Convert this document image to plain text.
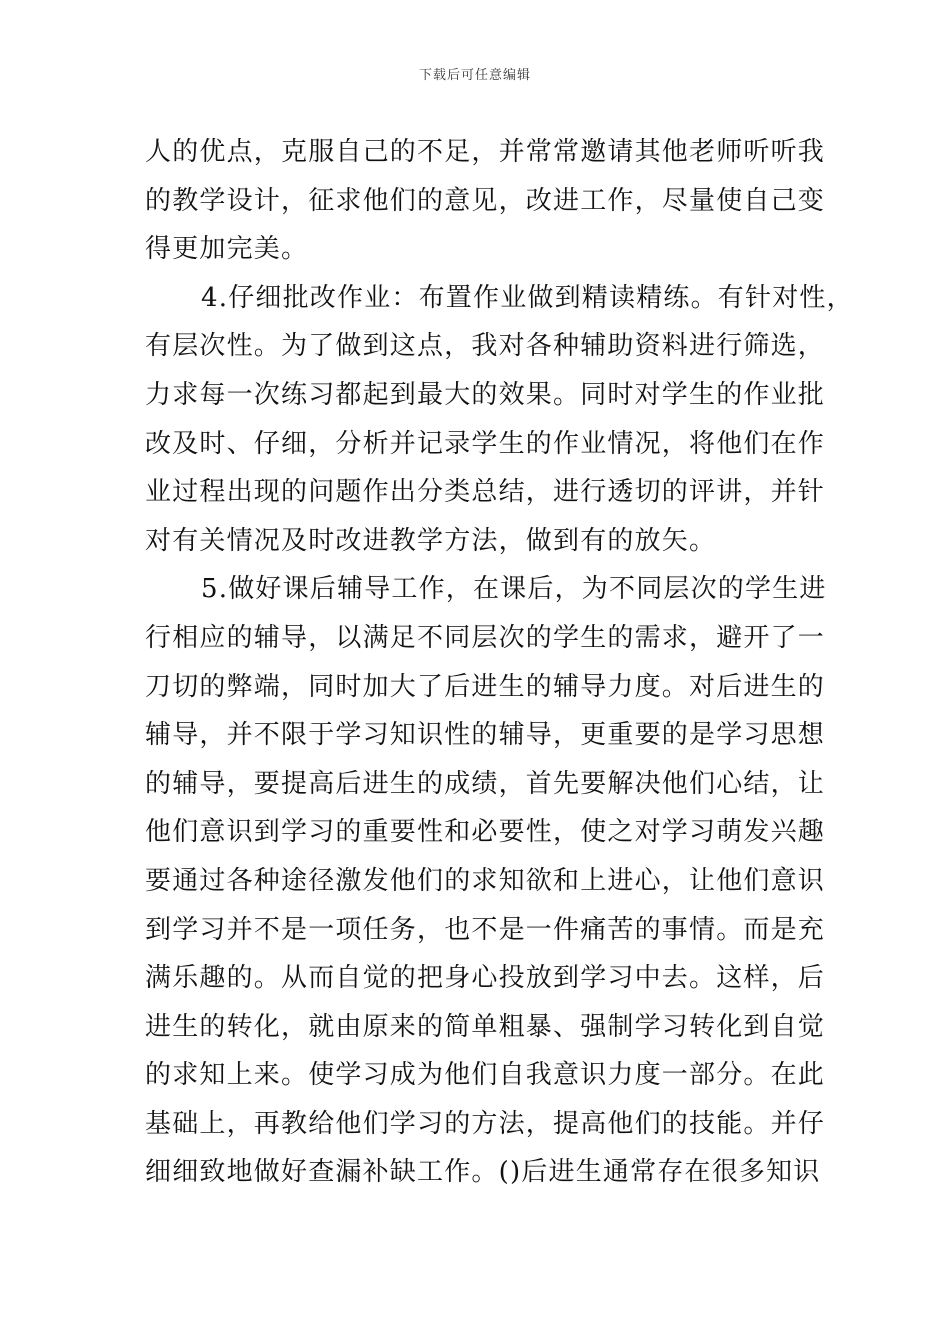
下载后可任意编辑
人的优点，克服自己的不足，并常常邀请其他老师听听我
的教学设计，征求他们的意见，改进工作，尽量使自己变
得更加完美。
4.仔细批改作业：布置作业做到精读精练。有针对性，
有层次性。为了做到这点，我对各种辅助资料进行筛选，
力求每一次练习都起到最大的效果。同时对学生的作业批
改及时、仔细，分析并记录学生的作业情况，将他们在作
业过程出现的问题作出分类总结，进行透切的评讲，并针
对有关情况及时改进教学方法，做到有的放矢。
5.做好课后辅导工作，在课后，为不同层次的学生进
行相应的辅导，以满足不同层次的学生的需求，避开了一
刀切的弊端，同时加大了后进生的辅导力度。对后进生的
辅导，并不限于学习知识性的辅导，更重要的是学习思想
的辅导，要提高后进生的成绩，首先要解决他们心结，让
他们意识到学习的重要性和必要性，使之对学习萌发兴趣
要通过各种途径激发他们的求知欲和上进心，让他们意识
到学习并不是一项任务，也不是一件痛苦的事情。而是充
满乐趣的。从而自觉的把身心投放到学习中去。这样，后
进生的转化，就由原来的简单粗暴、强制学习转化到自觉
的求知上来。使学习成为他们自我意识力度一部分。在此
基础上，再教给他们学习的方法，提高他们的技能。并仔
细细致地做好查漏补缺工作。()后进生通常存在很多知识
